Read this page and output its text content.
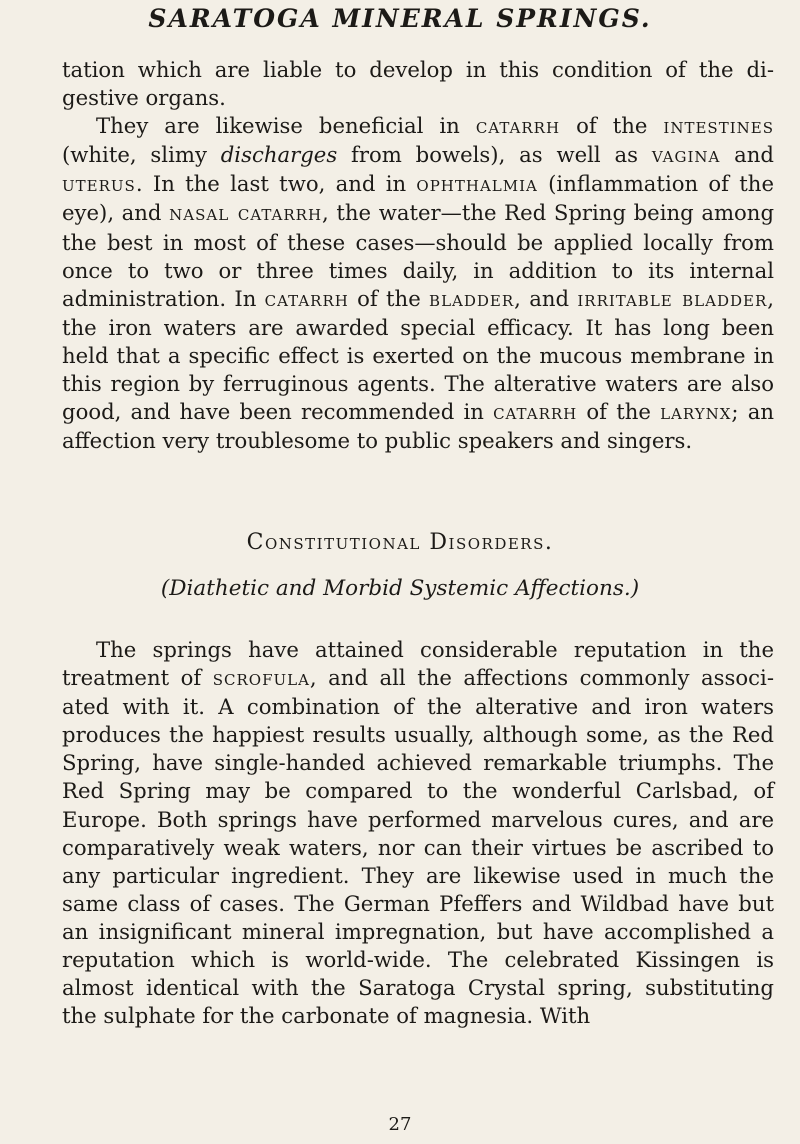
SARATOGA MINERAL SPRINGS.

tation which are liable to develop in this condition of the digestive organs.

They are likewise beneficial in catarrh of the intestines (white, slimy discharges from bowels), as well as vagina and uterus. In the last two, and in ophthalmia (inflammation of the eye), and nasal catarrh, the water—the Red Spring being among the best in most of these cases—should be applied locally from once to two or three times daily, in addition to its internal administration. In catarrh of the bladder, and irritable bladder, the iron waters are awarded special efficacy. It has long been held that a specific effect is exerted on the mucous membrane in this region by ferruginous agents. The alterative waters are also good, and have been recommended in catarrh of the larynx; an affection very troublesome to public speakers and singers.

Constitutional Disorders.
(Diathetic and Morbid Systemic Affections.)

The springs have attained considerable reputation in the treatment of scrofula, and all the affections commonly associated with it. A combination of the alterative and iron waters produces the happiest results usually, although some, as the Red Spring, have single-handed achieved remarkable triumphs. The Red Spring may be compared to the wonderful Carlsbad, of Europe. Both springs have performed marvelous cures, and are comparatively weak waters, nor can their virtues be ascribed to any particular ingredient. They are likewise used in much the same class of cases. The German Pfeffers and Wildbad have but an insignificant mineral impregnation, but have accomplished a reputation which is world-wide. The celebrated Kissingen is almost identical with the Saratoga Crystal spring, substituting the sulphate for the carbonate of magnesia. With

27
